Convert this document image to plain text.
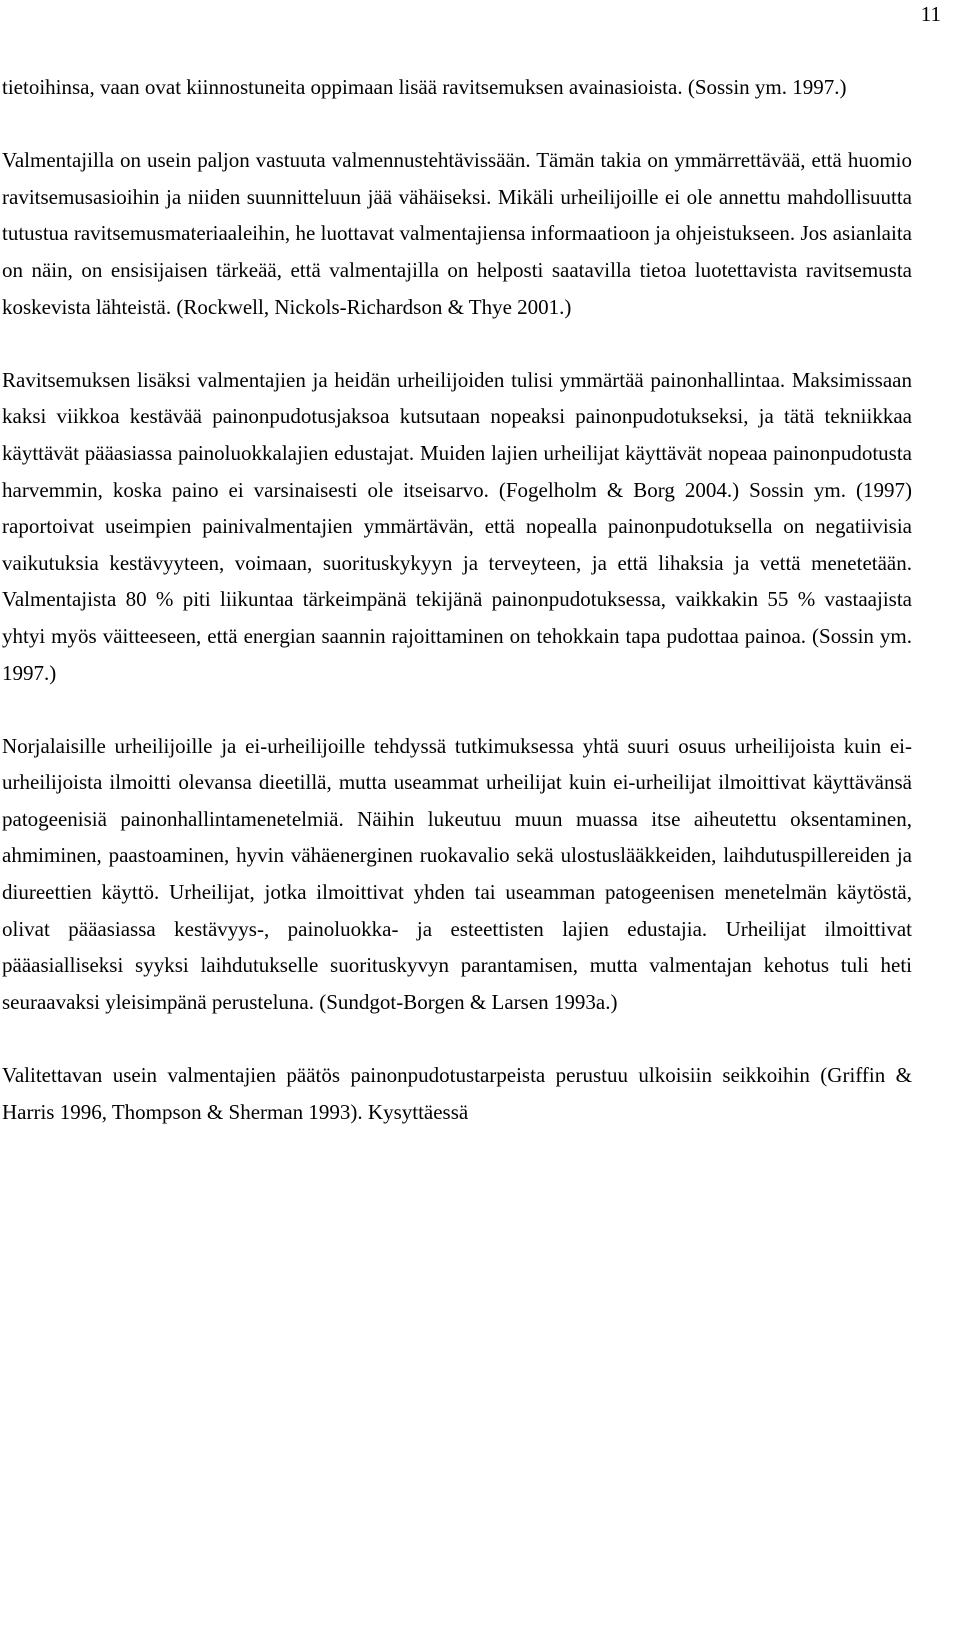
11

tietoihinsa, vaan ovat kiinnostuneita oppimaan lisää ravitsemuksen avainasioista. (Sossin ym. 1997.)

Valmentajilla on usein paljon vastuuta valmennustehtävissään. Tämän takia on ymmärrettävää, että huomio ravitsemusasioihin ja niiden suunnitteluun jää vähäiseksi. Mikäli urheilijoille ei ole annettu mahdollisuutta tutustua ravitsemusmateriaaleihin, he luottavat valmentajiensa informaatioon ja ohjeistukseen. Jos asianlaita on näin, on ensisijaisen tärkeää, että valmentajilla on helposti saatavilla tietoa luotettavista ravitsemusta koskevista lähteistä. (Rockwell, Nickols-Richardson & Thye 2001.)

Ravitsemuksen lisäksi valmentajien ja heidän urheilijoiden tulisi ymmärtää painonhallintaa. Maksimissaan kaksi viikkoa kestävää painonpudotusjaksoa kutsutaan nopeaksi painonpudotukseksi, ja tätä tekniikkaa käyttävät pääasiassa painoluokkalajien edustajat. Muiden lajien urheilijat käyttävät nopeaa painonpudotusta harvemmin, koska paino ei varsinaisesti ole itseisarvo. (Fogelholm & Borg 2004.) Sossin ym. (1997) raportoivat useimpien painivalmentajien ymmärtävän, että nopealla painonpudotuksella on negatiivisia vaikutuksia kestävyyteen, voimaan, suorituskykyyn ja terveyteen, ja että lihaksia ja vettä menetetään. Valmentajista 80 % piti liikuntaa tärkeimpänä tekijänä painonpudotuksessa, vaikkakin 55 % vastaajista yhtyi myös väitteeseen, että energian saannin rajoittaminen on tehokkain tapa pudottaa painoa. (Sossin ym. 1997.)

Norjalaisille urheilijoille ja ei-urheilijoille tehdyssä tutkimuksessa yhtä suuri osuus urheilijoista kuin ei-urheilijoista ilmoitti olevansa dieetillä, mutta useammat urheilijat kuin ei-urheilijat ilmoittivat käyttävänsä patogeenisiä painonhallintamenetelmiä. Näihin lukeutuu muun muassa itse aiheutettu oksentaminen, ahmiminen, paastoaminen, hyvin vähäenerginen ruokavalio sekä ulostuslääkkeiden, laihdutuspillereiden ja diureettien käyttö. Urheilijat, jotka ilmoittivat yhden tai useamman patogeenisen menetelmän käytöstä, olivat pääasiassa kestävyys-, painoluokka- ja esteettisten lajien edustajia. Urheilijat ilmoittivat pääasialliseksi syyksi laihdutukselle suorituskyvyn parantamisen, mutta valmentajan kehotus tuli heti seuraavaksi yleisimpänä perusteluna. (Sundgot-Borgen & Larsen 1993a.)

Valitettavan usein valmentajien päätös painonpudotustarpeista perustuu ulkoisiin seikkoihin (Griffin & Harris 1996, Thompson & Sherman 1993). Kysyttäessä
